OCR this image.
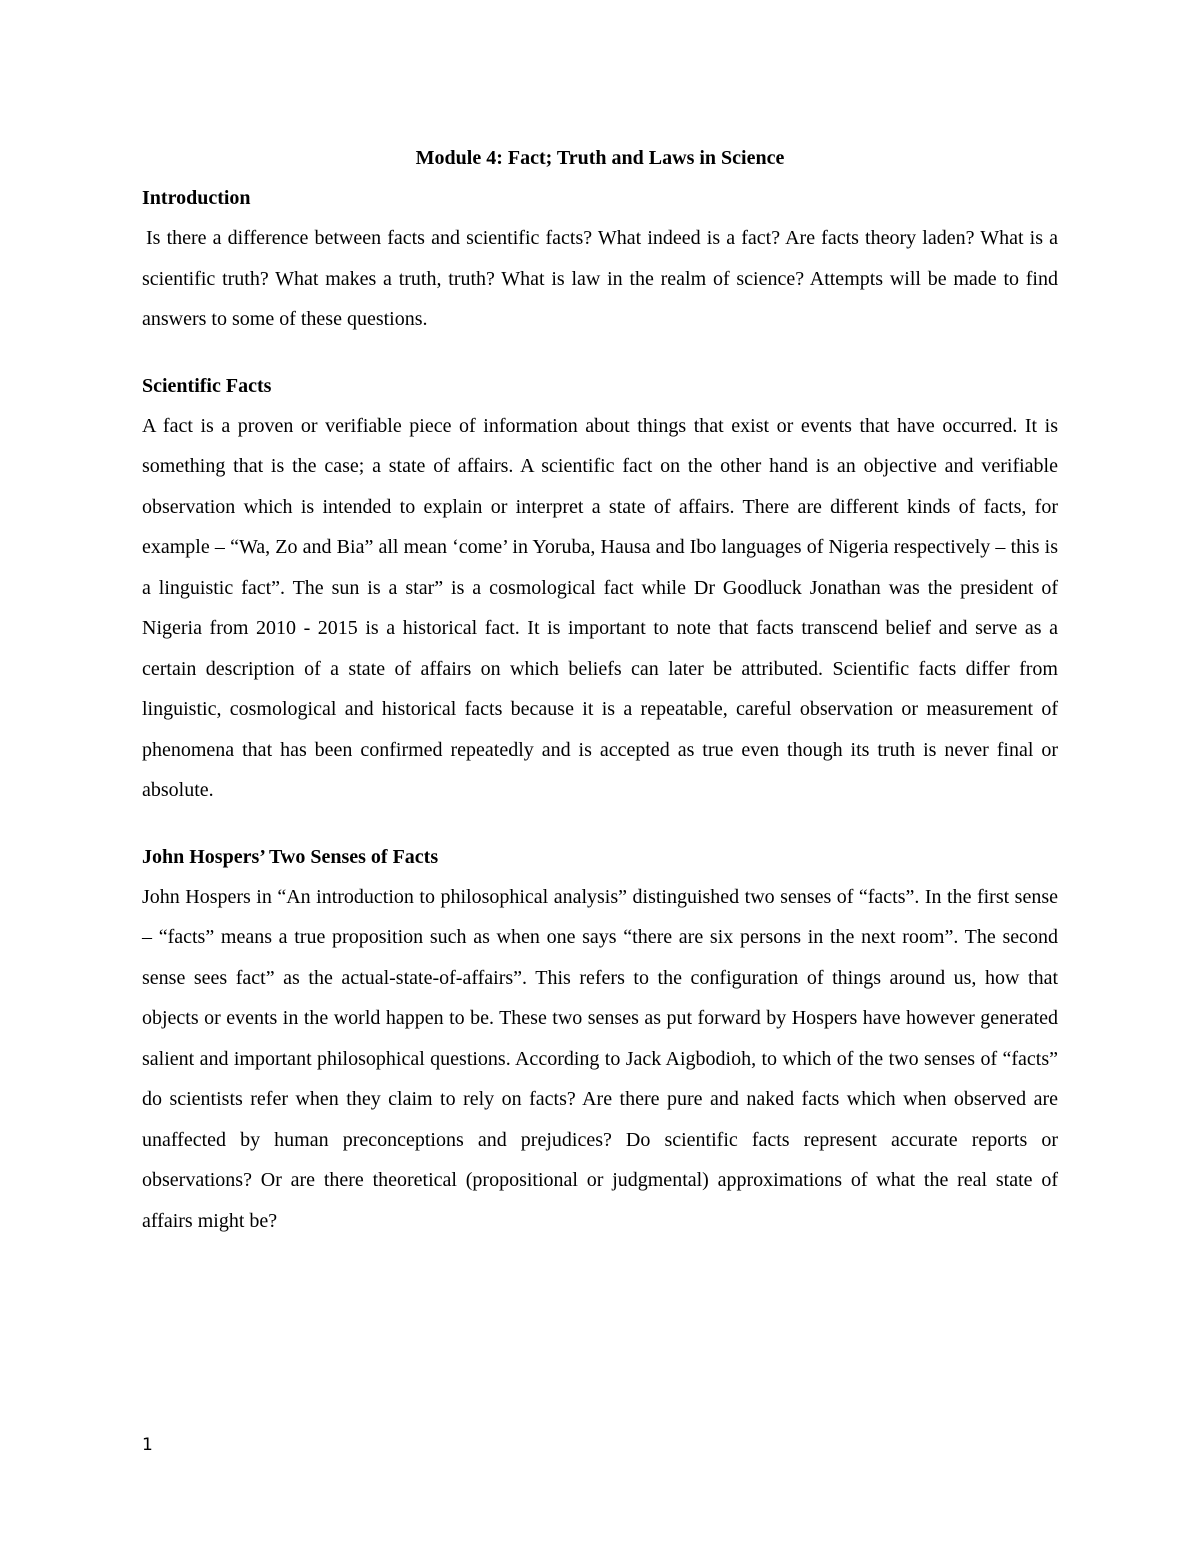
Module 4: Fact; Truth and Laws in Science
Introduction

Is there a difference between facts and scientific facts? What indeed is a fact? Are facts theory laden? What is a scientific truth? What makes a truth, truth? What is law in the realm of science? Attempts will be made to find answers to some of these questions.

Scientific Facts

A fact is a proven or verifiable piece of information about things that exist or events that have occurred. It is something that is the case; a state of affairs. A scientific fact on the other hand is an objective and verifiable observation which is intended to explain or interpret a state of affairs. There are different kinds of facts, for example – “Wa, Zo and Bia” all mean ‘come’ in Yoruba, Hausa and Ibo languages of Nigeria respectively – this is a linguistic fact”. The sun is a star” is a cosmological fact while Dr Goodluck Jonathan was the president of Nigeria from 2010 - 2015 is a historical fact. It is important to note that facts transcend belief and serve as a certain description of a state of affairs on which beliefs can later be attributed. Scientific facts differ from linguistic, cosmological and historical facts because it is a repeatable, careful observation or measurement of phenomena that has been confirmed repeatedly and is accepted as true even though its truth is never final or absolute.

John Hospers’ Two Senses of Facts

John Hospers in “An introduction to philosophical analysis” distinguished two senses of “facts”. In the first sense – “facts” means a true proposition such as when one says “there are six persons in the next room”. The second sense sees fact” as the actual-state-of-affairs”. This refers to the configuration of things around us, how that objects or events in the world happen to be. These two senses as put forward by Hospers have however generated salient and important philosophical questions. According to Jack Aigbodioh, to which of the two senses of “facts” do scientists refer when they claim to rely on facts? Are there pure and naked facts which when observed are unaffected by human preconceptions and prejudices? Do scientific facts represent accurate reports or observations? Or are there theoretical (propositional or judgmental) approximations of what the real state of affairs might be?

1
